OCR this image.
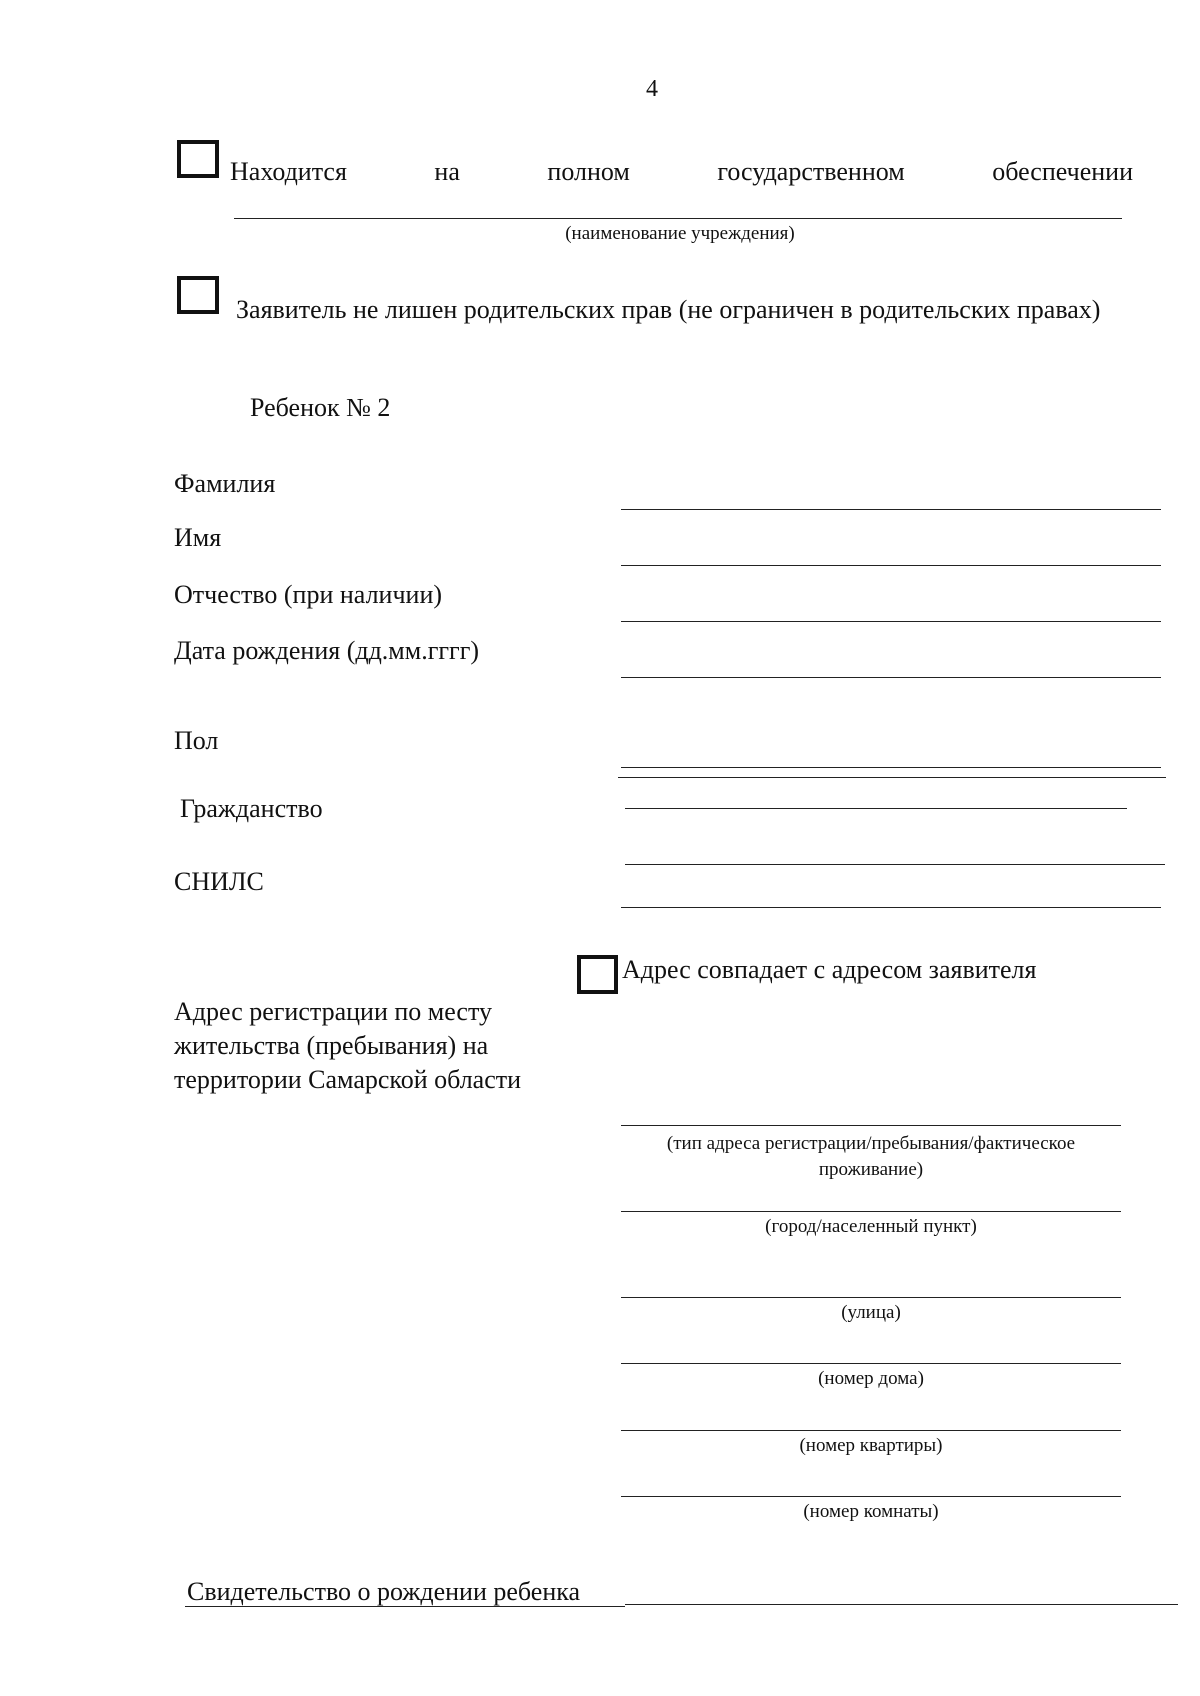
4
Находится	на	полном	государственном	обеспечении
(наименование учреждения)
Заявитель не лишен родительских прав (не ограничен в родительских правах)
Ребенок № 2
Фамилия
Имя
Отчество (при наличии)
Дата рождения (дд.мм.гггг)
Пол
Гражданство
СНИЛС
Адрес совпадает с адресом заявителя
Адрес регистрации по месту
жительства (пребывания) на
территории Самарской области
(тип адреса регистрации/пребывания/фактическое
проживание)
(город/населенный пункт)
(улица)
(номер дома)
(номер квартиры)
(номер комнаты)
Свидетельство о рождении ребенка
